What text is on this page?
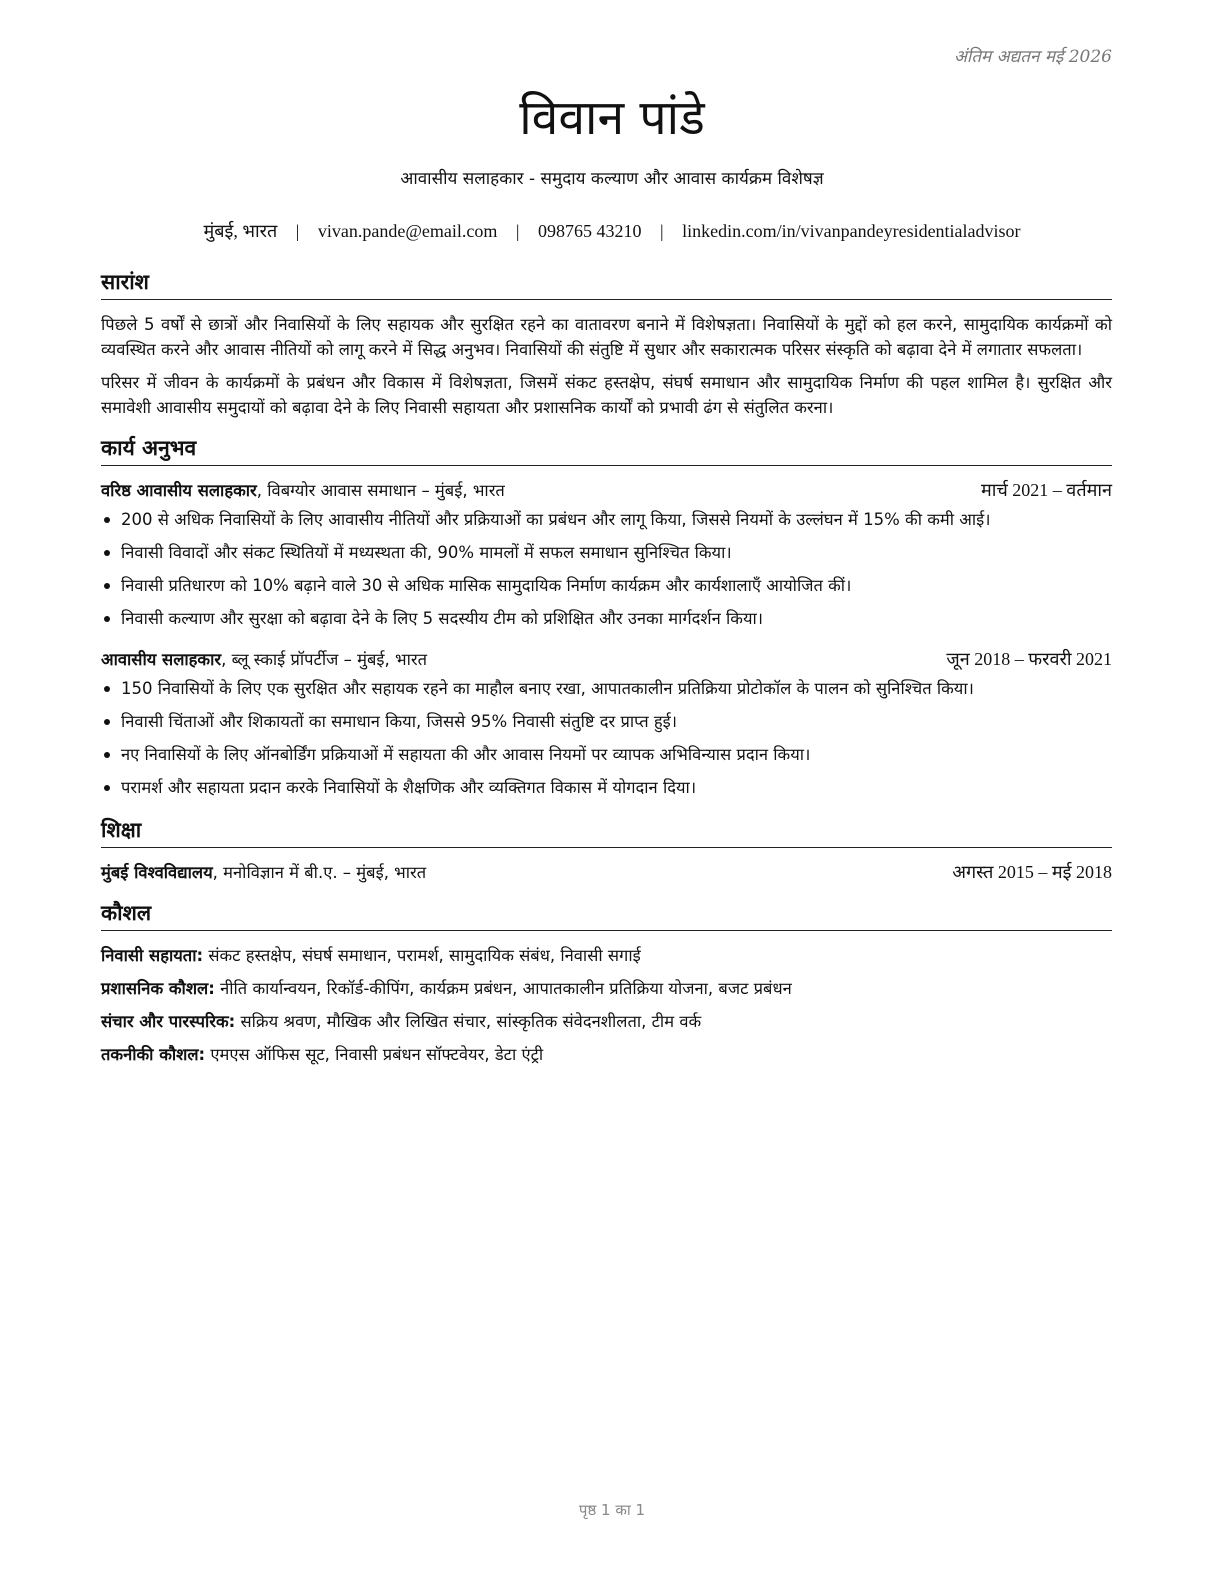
अंतिम अद्यतन मई 2026
विवान पांडे
आवासीय सलाहकार - समुदाय कल्याण और आवास कार्यक्रम विशेषज्ञ
मुंबई, भारत | vivan.pande@email.com | 098765 43210 | linkedin.com/in/vivanpandeyresidentialadvisor
सारांश

पिछले 5 वर्षों से छात्रों और निवासियों के लिए सहायक और सुरक्षित रहने का वातावरण बनाने में विशेषज्ञता। निवासियों के मुद्दों को हल करने, सामुदायिक कार्यक्रमों को व्यवस्थित करने और आवास नीतियों को लागू करने में सिद्ध अनुभव। निवासियों की संतुष्टि में सुधार और सकारात्मक परिसर संस्कृति को बढ़ावा देने में लगातार सफलता।

परिसर में जीवन के कार्यक्रमों के प्रबंधन और विकास में विशेषज्ञता, जिसमें संकट हस्तक्षेप, संघर्ष समाधान और सामुदायिक निर्माण की पहल शामिल है। सुरक्षित और समावेशी आवासीय समुदायों को बढ़ावा देने के लिए निवासी सहायता और प्रशासनिक कार्यों को प्रभावी ढंग से संतुलित करना।

कार्य अनुभव
वरिष्ठ आवासीय सलाहकार, विबग्योर आवास समाधान – मुंबई, भारत	मार्च 2021 – वर्तमान
200 से अधिक निवासियों के लिए आवासीय नीतियों और प्रक्रियाओं का प्रबंधन और लागू किया, जिससे नियमों के उल्लंघन में 15% की कमी आई।
निवासी विवादों और संकट स्थितियों में मध्यस्थता की, 90% मामलों में सफल समाधान सुनिश्चित किया।
निवासी प्रतिधारण को 10% बढ़ाने वाले 30 से अधिक मासिक सामुदायिक निर्माण कार्यक्रम और कार्यशालाएँ आयोजित कीं।
निवासी कल्याण और सुरक्षा को बढ़ावा देने के लिए 5 सदस्यीय टीम को प्रशिक्षित और उनका मार्गदर्शन किया।
आवासीय सलाहकार, ब्लू स्काई प्रॉपर्टीज – मुंबई, भारत	जून 2018 – फरवरी 2021
150 निवासियों के लिए एक सुरक्षित और सहायक रहने का माहौल बनाए रखा, आपातकालीन प्रतिक्रिया प्रोटोकॉल के पालन को सुनिश्चित किया।
निवासी चिंताओं और शिकायतों का समाधान किया, जिससे 95% निवासी संतुष्टि दर प्राप्त हुई।
नए निवासियों के लिए ऑनबोर्डिंग प्रक्रियाओं में सहायता की और आवास नियमों पर व्यापक अभिविन्यास प्रदान किया।
परामर्श और सहायता प्रदान करके निवासियों के शैक्षणिक और व्यक्तिगत विकास में योगदान दिया।
शिक्षा
मुंबई विश्वविद्यालय, मनोविज्ञान में बी.ए. – मुंबई, भारत	अगस्त 2015 – मई 2018
कौशल
निवासी सहायता: संकट हस्तक्षेप, संघर्ष समाधान, परामर्श, सामुदायिक संबंध, निवासी सगाई
प्रशासनिक कौशल: नीति कार्यान्वयन, रिकॉर्ड-कीपिंग, कार्यक्रम प्रबंधन, आपातकालीन प्रतिक्रिया योजना, बजट प्रबंधन
संचार और पारस्परिक: सक्रिय श्रवण, मौखिक और लिखित संचार, सांस्कृतिक संवेदनशीलता, टीम वर्क
तकनीकी कौशल: एमएस ऑफिस सूट, निवासी प्रबंधन सॉफ्टवेयर, डेटा एंट्री
पृष्ठ 1 का 1
